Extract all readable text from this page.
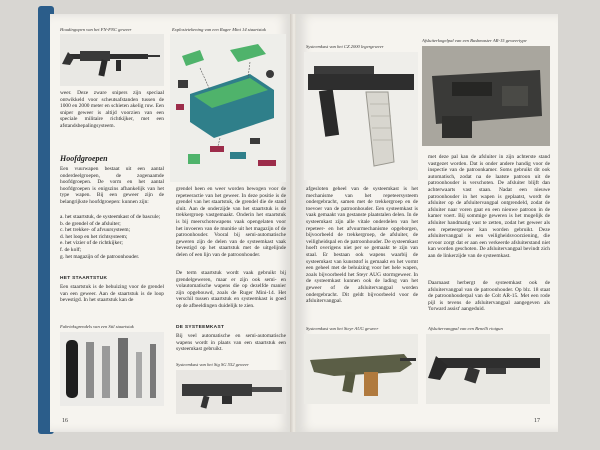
Houdingopen van het FN-FNC geweer	Explosietekening van een Ruger Mini 14 staartstuk
weer. Deze zware snipers zijn speciaal ontwikkeld voor scheutsafstanden tussen de 1000 en 2000 meter en schieten akelig ruw. Een sniper geweer is altijd voorzien van een speciale militaire richtkijker, met een afstandsbepalingsysteem.
Hoofdgroepen
Een vuurwapen bestaat uit een aantal onderdeelgroepen, de zogenaamde hoofdgroepen. De vorm en het aantal hoofdgroepen is enigszins afhankelijk van het type wapen. Bij een geweer zijn de belangrijkste hoofdgroepen: kunnen zijn:
a. het staartstuk, de systeemkast of de bascule;
b. de grendel of de afsluiter;
c. het trekker- of afvuursysteem;
d. het loop en het richtsysteem;
e. het vizier of de richtkijker;
f. de kolf;
g. het magazijn of de patroonhouder.
HET STAARTSTUK
Een staartstuk is de behuizing voor de grendel van een geweer. Aan de staartstuk is de loop bevestigd. In het staartstuk kan de
Fabrieksgrendels van een Stil staartstuk
grendel heen en weer worden bewogen voor de repeteeractie van het geweer. In deze positie is de grendel van het staartstuk, de grendel die de stand sluit. Aan de onderzijde van het staartstuk is de trekkergroep vastgemaakt. Onderin het staartstuk is bij meerschotswapens vaak opengelaten voor het invoeren van de munitie uit het magazijn of de patroonhouder. Vooral bij semi-automatische geweren zijn de delen van de systeemkast vaak bevestigd op het staartstuk met de uitgelijnde delen of een lijn van de patroonhouder.
De term staartstuk wordt vaak gebruikt bij grendelgeweren, maar er zijn ook semi- en volautomatische wapens die op dezelfde manier zijn opgebouwd, zoals de Ruger Mini-14. Het verschil tussen staartstuk en systeemkast is goed op de afbeeldingen duidelijk te zien.
DE SYSTEEMKAST
Bij veel automatische en semi-automatische wapens wordt in plaats van een staartstuk een systeemkast gebruikt.
Systeemkast van het Sig SG 552 geweer
16
Systeemkast van het CZ 2000 legergeweer
Afsluiterkogelpal van een Bushmaster AR-15 geweertype
afgesloten geheel van de systeemkast is het mechanisme van het repeteersysteem ondergebracht, samen met de trekkergroep en de toevoer van de patroonhouder. Een systeemkast is vaak gemaakt van gestanste plaatstalen delen. In de systeemkast zijn alle vitale onderdelen van het repeteer- en het afvuurmechanisme opgeborgen, bijvoorbeeld de trekkergroep, de afsluiter, de veiligheidspal en de patroonhouder. De systeemkast hoeft overigens niet per se gemaakt te zijn van staal. Er bestaan ook wapens waarbij de systeemkast van kunststof is gemaakt en het vormt een geheel met de behuizing voor het hele wapen, zoals bijvoorbeeld het Steyr AUG stormgeweer. In de systeemkast kunnen ook de lading van het geweer of de afsluitervangpal worden ondergebracht. Dit geldt bijvoorbeeld voor de afsluitervangpal.
met deze pal kan de afsluiter in zijn achterste stand vastgezet worden. Dat is onder andere handig voor de inspectie van de patroonkamer. Soms gebruikt dit ook automatisch, zodat na de laatste patroon uit de patroonhouder is verschoten. De afsluiter blijft dan achterwaarts vast staan. Nadat een nieuwe patroonhouder in het wapen is geplaatst, wordt de afsluiter op de afsluitervangpal ontgrendeld, zodat de afsluiter naar voren gaat en een nieuwe patroon in de kamer voert. Bij sommige geweren is het mogelijk de afsluiter handmatig vast te zetten, zodat het geweer als een repeteergeweer kan worden gebruikt. Deze afsluitervangpal is een veiligheidsvoorziening, die ervoor zorgt dat er aan een verkeerde afsluiterstand niet kan worden geschoten. De afsluitervangpal bevindt zich aan de linkerzijde van de systeemkast.
Daarnaast herbergt de systeemkast ook de afsluitervangpal van de patroonhouder. Op blz. 18 staat de patroonhouderpal van de Colt AR-15. Met een rode pijl is tevens de afsluitervangpal aangegeven als 'forward assist' aangeduid.
Systeemkast van het Steyr AUG geweer	Afsluitervangpal van een Benelli riotgun
17
